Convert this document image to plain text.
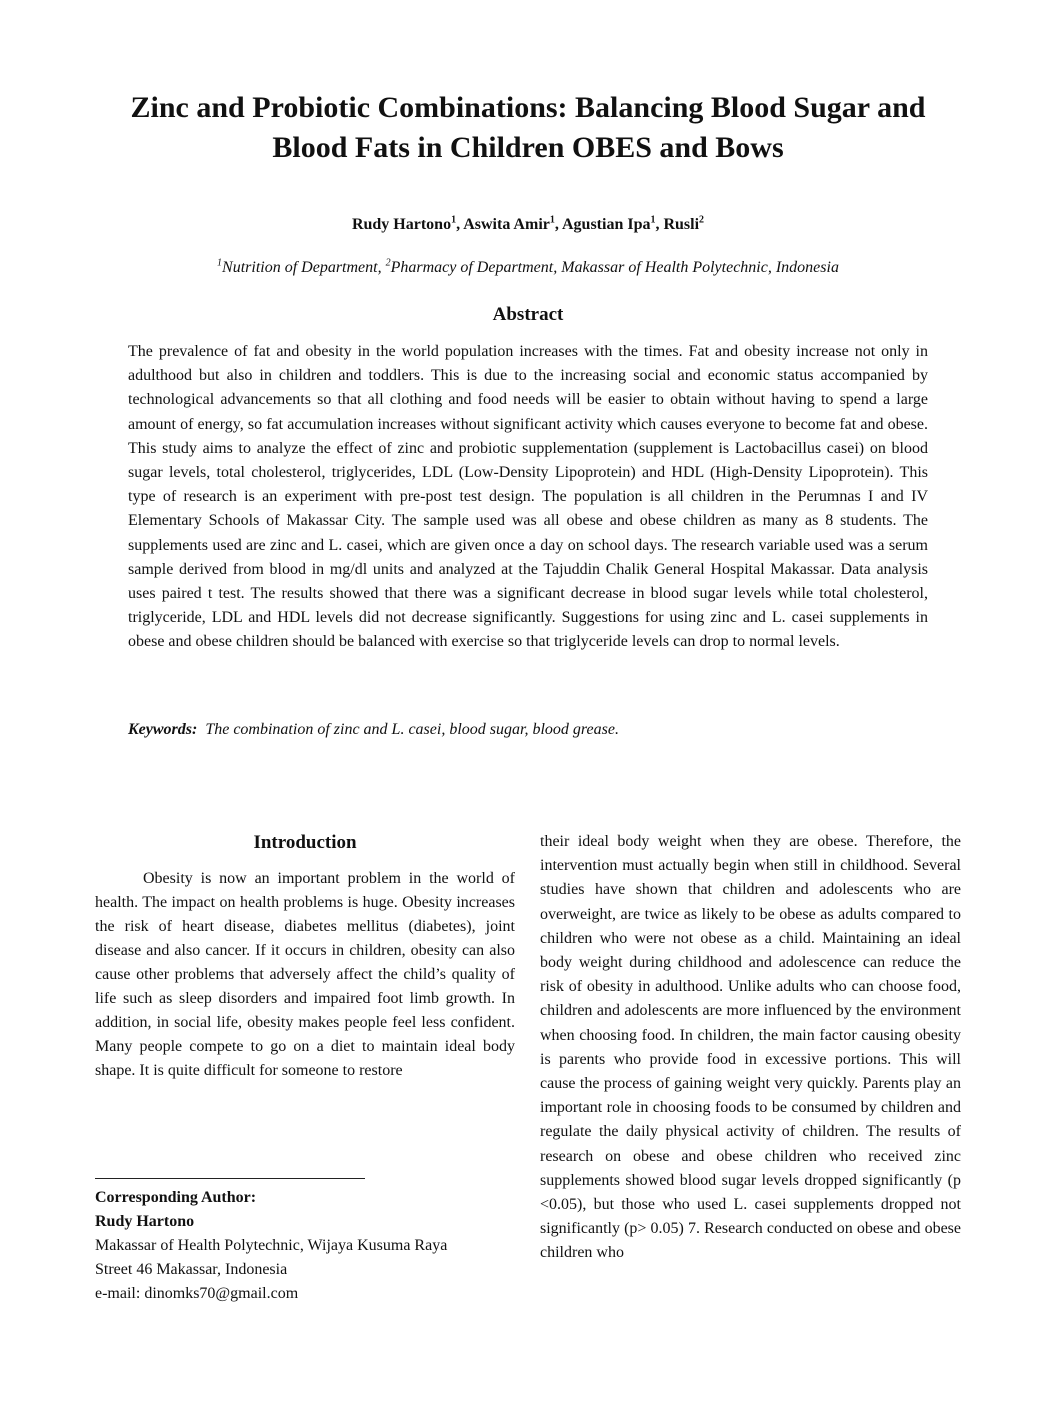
Zinc and Probiotic Combinations: Balancing Blood Sugar and Blood Fats in Children OBES and Bows
Rudy Hartono$^1$, Aswita Amir$^1$, Agustian Ipa$^1$, Rusli$^2$
$^1$Nutrition of Department, $^2$Pharmacy of Department, Makassar of Health Polytechnic, Indonesia
Abstract

The prevalence of fat and obesity in the world population increases with the times. Fat and obesity increase not only in adulthood but also in children and toddlers. This is due to the increasing social and economic status accompanied by technological advancements so that all clothing and food needs will be easier to obtain without having to spend a large amount of energy, so fat accumulation increases without significant activity which causes everyone to become fat and obese. This study aims to analyze the effect of zinc and probiotic supplementation (supplement is Lactobacillus casei) on blood sugar levels, total cholesterol, triglycerides, LDL (Low-Density Lipoprotein) and HDL (High-Density Lipoprotein). This type of research is an experiment with pre-post test design. The population is all children in the Perumnas I and IV Elementary Schools of Makassar City. The sample used was all obese and obese children as many as 8 students. The supplements used are zinc and L. casei, which are given once a day on school days. The research variable used was a serum sample derived from blood in mg/dl units and analyzed at the Tajuddin Chalik General Hospital Makassar. Data analysis uses paired t test. The results showed that there was a significant decrease in blood sugar levels while total cholesterol, triglyceride, LDL and HDL levels did not decrease significantly. Suggestions for using zinc and L. casei supplements in obese and obese children should be balanced with exercise so that triglyceride levels can drop to normal levels.

Keywords: The combination of zinc and L. casei, blood sugar, blood grease.

Introduction

Obesity is now an important problem in the world of health. The impact on health problems is huge. Obesity increases the risk of heart disease, diabetes mellitus (diabetes), joint disease and also cancer. If it occurs in children, obesity can also cause other problems that adversely affect the child’s quality of life such as sleep disorders and impaired foot limb growth. In addition, in social life, obesity makes people feel less confident. Many people compete to go on a diet to maintain ideal body shape. It is quite difficult for someone to restore

their ideal body weight when they are obese. Therefore, the intervention must actually begin when still in childhood. Several studies have shown that children and adolescents who are overweight, are twice as likely to be obese as adults compared to children who were not obese as a child. Maintaining an ideal body weight during childhood and adolescence can reduce the risk of obesity in adulthood. Unlike adults who can choose food, children and adolescents are more influenced by the environment when choosing food. In children, the main factor causing obesity is parents who provide food in excessive portions. This will cause the process of gaining weight very quickly. Parents play an important role in choosing foods to be consumed by children and regulate the daily physical activity of children. The results of research on obese and obese children who received zinc supplements showed blood sugar levels dropped significantly (p <0.05), but those who used L. casei supplements dropped not significantly (p> 0.05) 7. Research conducted on obese and obese children who

Corresponding Author:
Rudy Hartono
Makassar of Health Polytechnic, Wijaya Kusuma Raya
Street 46 Makassar, Indonesia
e-mail: dinomks70@gmail.com
